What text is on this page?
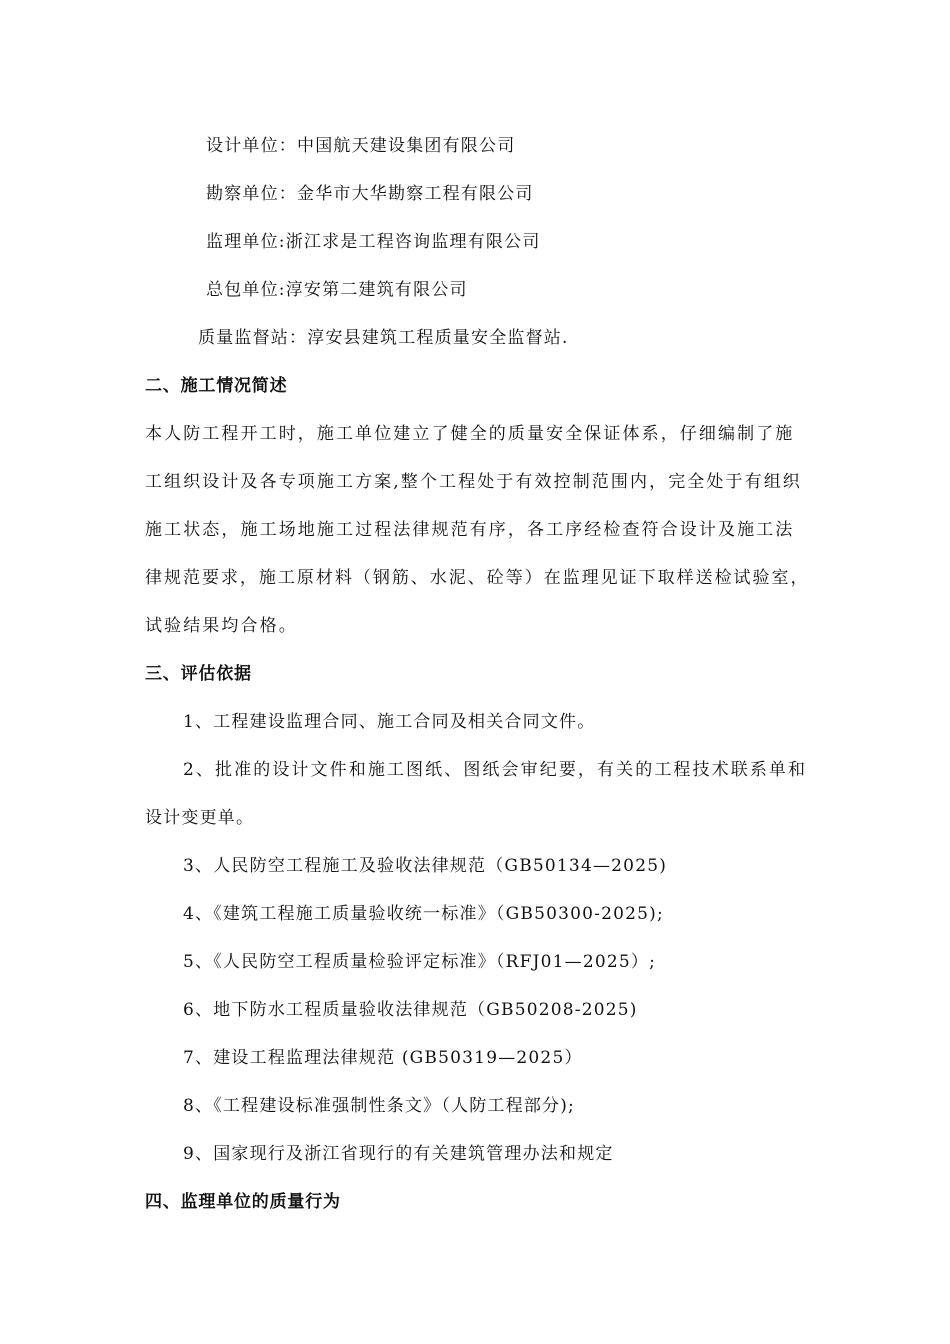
设计单位：中国航天建设集团有限公司
勘察单位：金华市大华勘察工程有限公司
监理单位:浙江求是工程咨询监理有限公司
总包单位:淳安第二建筑有限公司
质量监督站：淳安县建筑工程质量安全监督站.
二、施工情况简述
本人防工程开工时，施工单位建立了健全的质量安全保证体系，仔细编制了施
工组织设计及各专项施工方案,整个工程处于有效控制范围内，完全处于有组织
施工状态，施工场地施工过程法律规范有序，各工序经检查符合设计及施工法
律规范要求，施工原材料（钢筋、水泥、砼等）在监理见证下取样送检试验室，
试验结果均合格。
三、评估依据
1、工程建设监理合同、施工合同及相关合同文件。
2、批准的设计文件和施工图纸、图纸会审纪要，有关的工程技术联系单和
设计变更单。
3、人民防空工程施工及验收法律规范（GB50134—2025)
4、《建筑工程施工质量验收统一标准》（GB50300-2025);
5、《人民防空工程质量检验评定标准》（RFJ01—2025）;
6、地下防水工程质量验收法律规范（GB50208-2025)
7、建设工程监理法律规范 (GB50319—2025）
8、《工程建设标准强制性条文》（人防工程部分);
9、国家现行及浙江省现行的有关建筑管理办法和规定
四、监理单位的质量行为
